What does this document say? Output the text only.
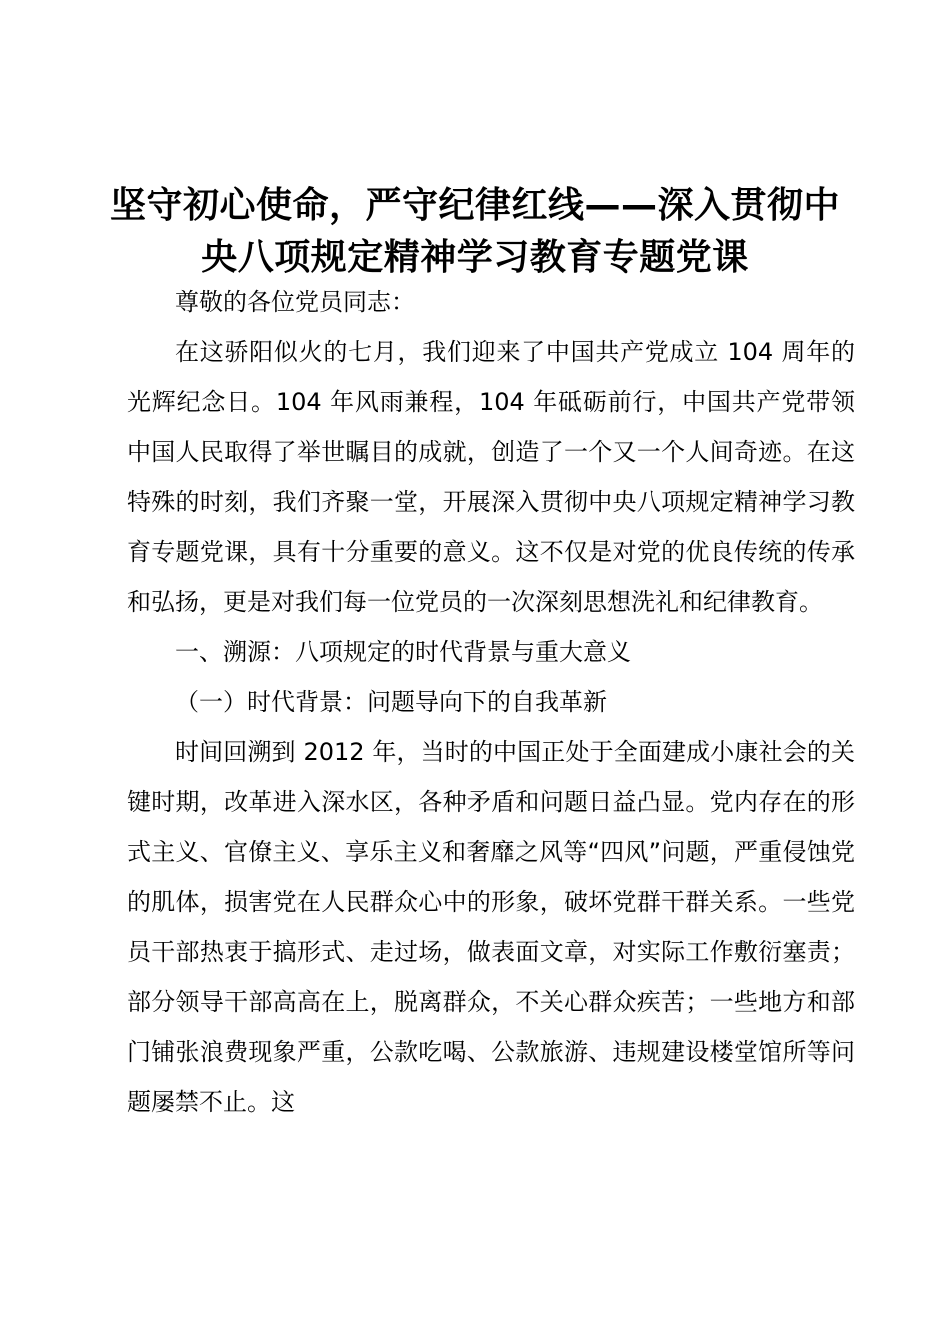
坚守初心使命，严守纪律红线——深入贯彻中
央八项规定精神学习教育专题党课

尊敬的各位党员同志：

在这骄阳似火的七月，我们迎来了中国共产党成立 104 周年的光辉纪念日。104 年风雨兼程，104 年砥砺前行，中国共产党带领中国人民取得了举世瞩目的成就，创造了一个又一个人间奇迹。在这特殊的时刻，我们齐聚一堂，开展深入贯彻中央八项规定精神学习教育专题党课，具有十分重要的意义。这不仅是对党的优良传统的传承和弘扬，更是对我们每一位党员的一次深刻思想洗礼和纪律教育。

一、溯源：八项规定的时代背景与重大意义

（一）时代背景：问题导向下的自我革新

时间回溯到 2012 年，当时的中国正处于全面建成小康社会的关键时期，改革进入深水区，各种矛盾和问题日益凸显。党内存在的形式主义、官僚主义、享乐主义和奢靡之风等“四风”问题，严重侵蚀党的肌体，损害党在人民群众心中的形象，破坏党群干群关系。一些党员干部热衷于搞形式、走过场，做表面文章，对实际工作敷衍塞责；部分领导干部高高在上，脱离群众，不关心群众疾苦；一些地方和部门铺张浪费现象严重，公款吃喝、公款旅游、违规建设楼堂馆所等问题屡禁不止。这
